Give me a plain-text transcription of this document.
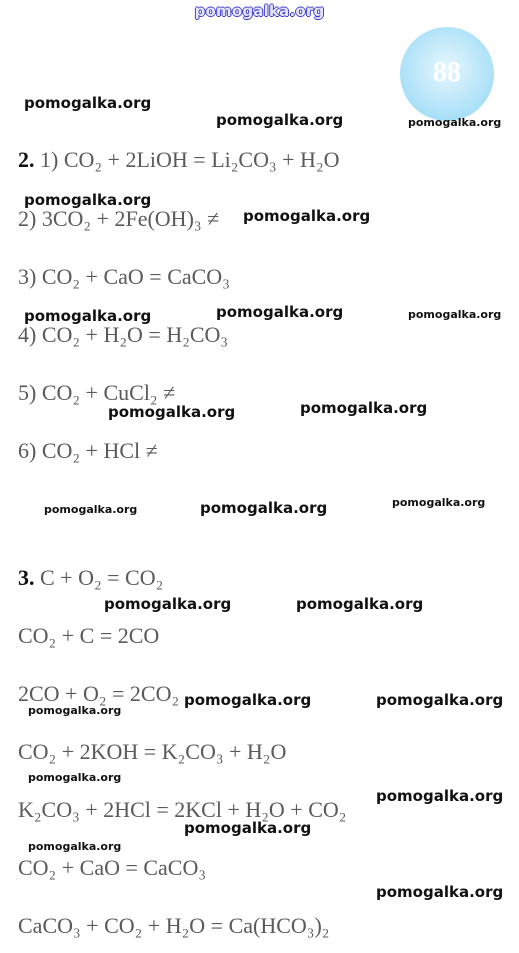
pomogalka.org
88
2. 1) CO₂ + 2LiOH = Li₂CO₃ + H₂O
2) 3CO₂ + 2Fe(OH)₃ ≠
3) CO₂ + CaO = CaCO₃
4) CO₂ + H₂O = H₂CO₃
5) CO₂ + CuCl₂ ≠
6) CO₂ + HCl ≠
3. C + O₂ = CO₂
CO₂ + C = 2CO
2CO + O₂ = 2CO₂
CO₂ + 2KOH = K₂CO₃ + H₂O
K₂CO₃ + 2HCl = 2KCl + H₂O + CO₂
CO₂ + CaO = CaCO₃
CaCO₃ + CO₂ + H₂O = Ca(HCO₃)₂
pomogalka.org
pomogalka.org	pomogalka.org
pomogalka.org
pomogalka.org
pomogalka.org	pomogalka.org	pomogalka.org
pomogalka.org	pomogalka.org
pomogalka.org	pomogalka.org	pomogalka.org
pomogalka.org	pomogalka.org
pomogalka.org	pomogalka.org
pomogalka.org
pomogalka.org
pomogalka.org
pomogalka.org
pomogalka.org
pomogalka.org
